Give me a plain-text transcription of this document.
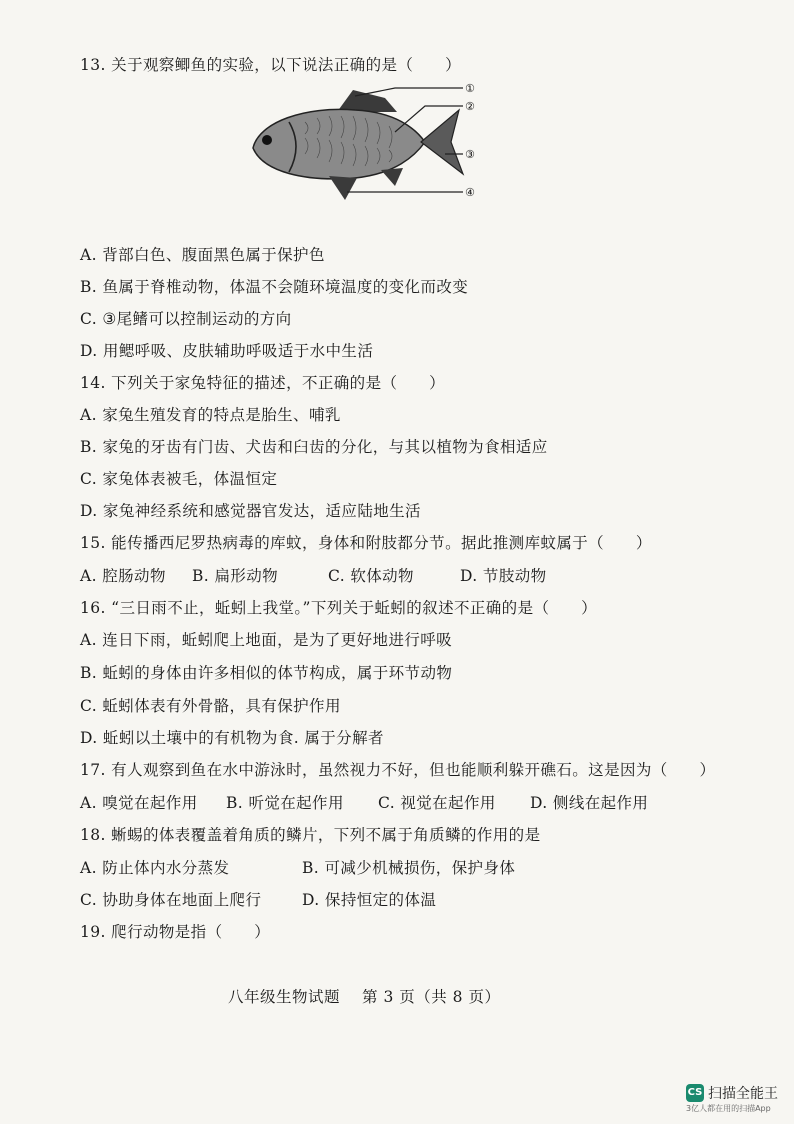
13. 关于观察鲫鱼的实验，以下说法正确的是（　　）
①
②
③
④
A. 背部白色、腹面黑色属于保护色
B. 鱼属于脊椎动物，体温不会随环境温度的变化而改变
C. ③尾鳍可以控制运动的方向
D. 用鳃呼吸、皮肤辅助呼吸适于水中生活
14. 下列关于家兔特征的描述，不正确的是（　　）
A. 家兔生殖发育的特点是胎生、哺乳
B. 家兔的牙齿有门齿、犬齿和臼齿的分化，与其以植物为食相适应
C. 家兔体表被毛，体温恒定
D. 家兔神经系统和感觉器官发达，适应陆地生活
15. 能传播西尼罗热病毒的库蚊，身体和附肢都分节。据此推测库蚊属于（　　）
A. 腔肠动物 B. 扁形动物	C. 软体动物	D. 节肢动物
16. “三日雨不止，蚯蚓上我堂。”下列关于蚯蚓的叙述不正确的是（　　）
A. 连日下雨，蚯蚓爬上地面，是为了更好地进行呼吸
B. 蚯蚓的身体由许多相似的体节构成，属于环节动物
C. 蚯蚓体表有外骨骼，具有保护作用
D. 蚯蚓以土壤中的有机物为食. 属于分解者
17. 有人观察到鱼在水中游泳时，虽然视力不好，但也能顺利躲开礁石。这是因为（　　）
A. 嗅觉在起作用 B. 听觉在起作用 C. 视觉在起作用 D. 侧线在起作用
18. 蜥蜴的体表覆盖着角质的鳞片，下列不属于角质鳞的作用的是
A. 防止体内水分蒸发	B. 可减少机械损伤，保护身体
C. 协助身体在地面上爬行	D. 保持恒定的体温
19. 爬行动物是指（　　）
八年级生物试题 第 3 页（共 8 页）
CS 扫描全能王
3亿人都在用的扫描App
